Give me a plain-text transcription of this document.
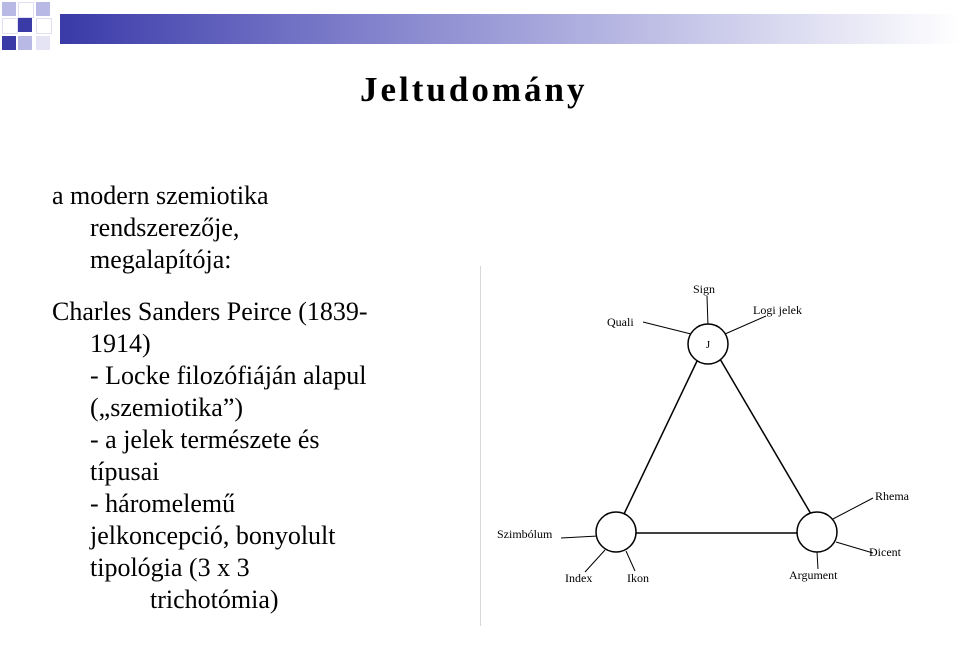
Jeltudomány
a modern szemiotika
rendszerezője,
megalapítója:
Charles Sanders Peirce (1839-
1914)
- Locke filozófiáján alapul
(„szemiotika”)
- a jelek természete és
típusai
- háromelemű
jelkoncepció, bonyolult
tipológia (3 x 3
trichotómia)
J
Sign
Quali
Logi jelek
Rhema
Dicent
Argument
Szimbólum
Index	Ikon
